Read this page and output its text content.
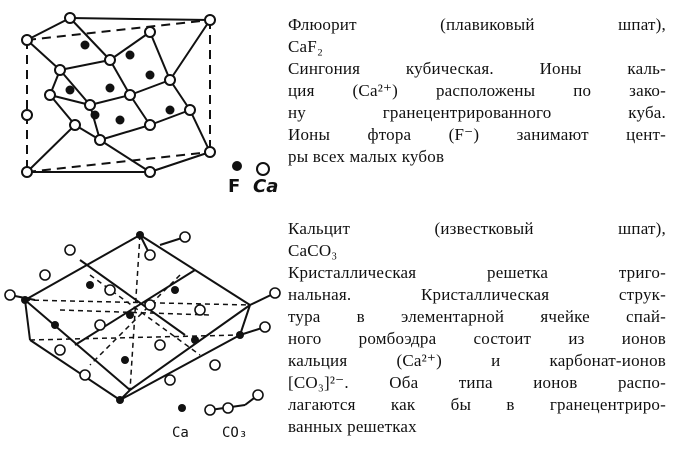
F Ca
Флюорит	(плавиковый	шпат),

CaF₂

Сингония кубическая. Ионы каль-

ция (Ca²⁺) расположены по зако-

ну гранецентрированного куба.

Ионы фтора (F⁻) занимают цент-

ры всех малых кубов

Ca CO₃
Кальцит	(известковый	шпат),

CaCO₃

Кристаллическая решетка триго-

нальная. Кристаллическая струк-

тура в элементарной ячейке спай-

ного ромбоэдра состоит из ионов

кальция (Ca²⁺) и карбонат-ионов

[CO₃]²⁻. Оба типа ионов распо-

лагаются как бы в гранецентриро-

ванных решетках
